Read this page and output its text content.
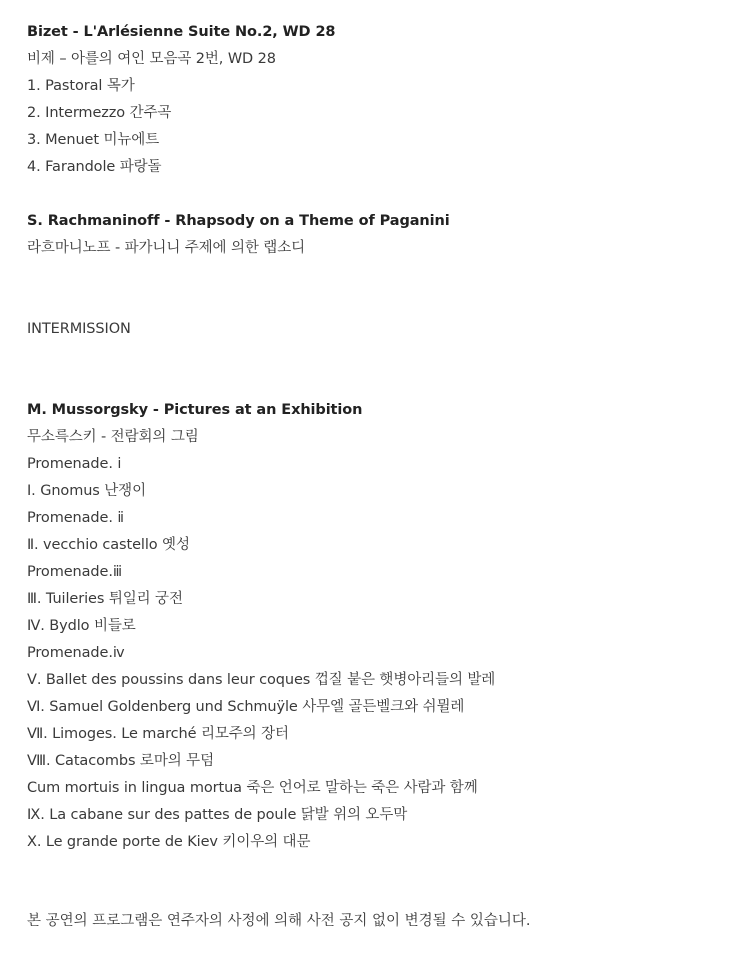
Bizet - L'Arlésienne Suite No.2, WD 28
비제 – 아를의 여인 모음곡 2번, WD 28
1. Pastoral 목가
2. Intermezzo 간주곡
3. Menuet 미뉴에트
4. Farandole 파랑돌
S. Rachmaninoff - Rhapsody on a Theme of Paganini
라흐마니노프 - 파가니니 주제에 의한 랩소디
INTERMISSION
M. Mussorgsky - Pictures at an Exhibition
무소륵스키 - 전람회의 그림
Promenade. ⅰ
Ⅰ. Gnomus 난쟁이
Promenade. ⅱ
Ⅱ. vecchio castello 옛성
Promenade.ⅲ
Ⅲ. Tuileries 튀일리 궁전
Ⅳ. Bydlo 비들로
Promenade.ⅳ
Ⅴ. Ballet des poussins dans leur coques 껍질 붙은 햇병아리들의 발레
Ⅵ. Samuel Goldenberg und Schmuÿle 사무엘 골든벨크와 쉬뮐레
Ⅶ. Limoges. Le marché 리모주의 장터
Ⅷ. Catacombs 로마의 무덤
Cum mortuis in lingua mortua 죽은 언어로 말하는 죽은 사람과 함께
Ⅸ. La cabane sur des pattes de poule 닭발 위의 오두막
Ⅹ. Le grande porte de Kiev 키이우의 대문
본 공연의 프로그램은 연주자의 사정에 의해 사전 공지 없이 변경될 수 있습니다.
